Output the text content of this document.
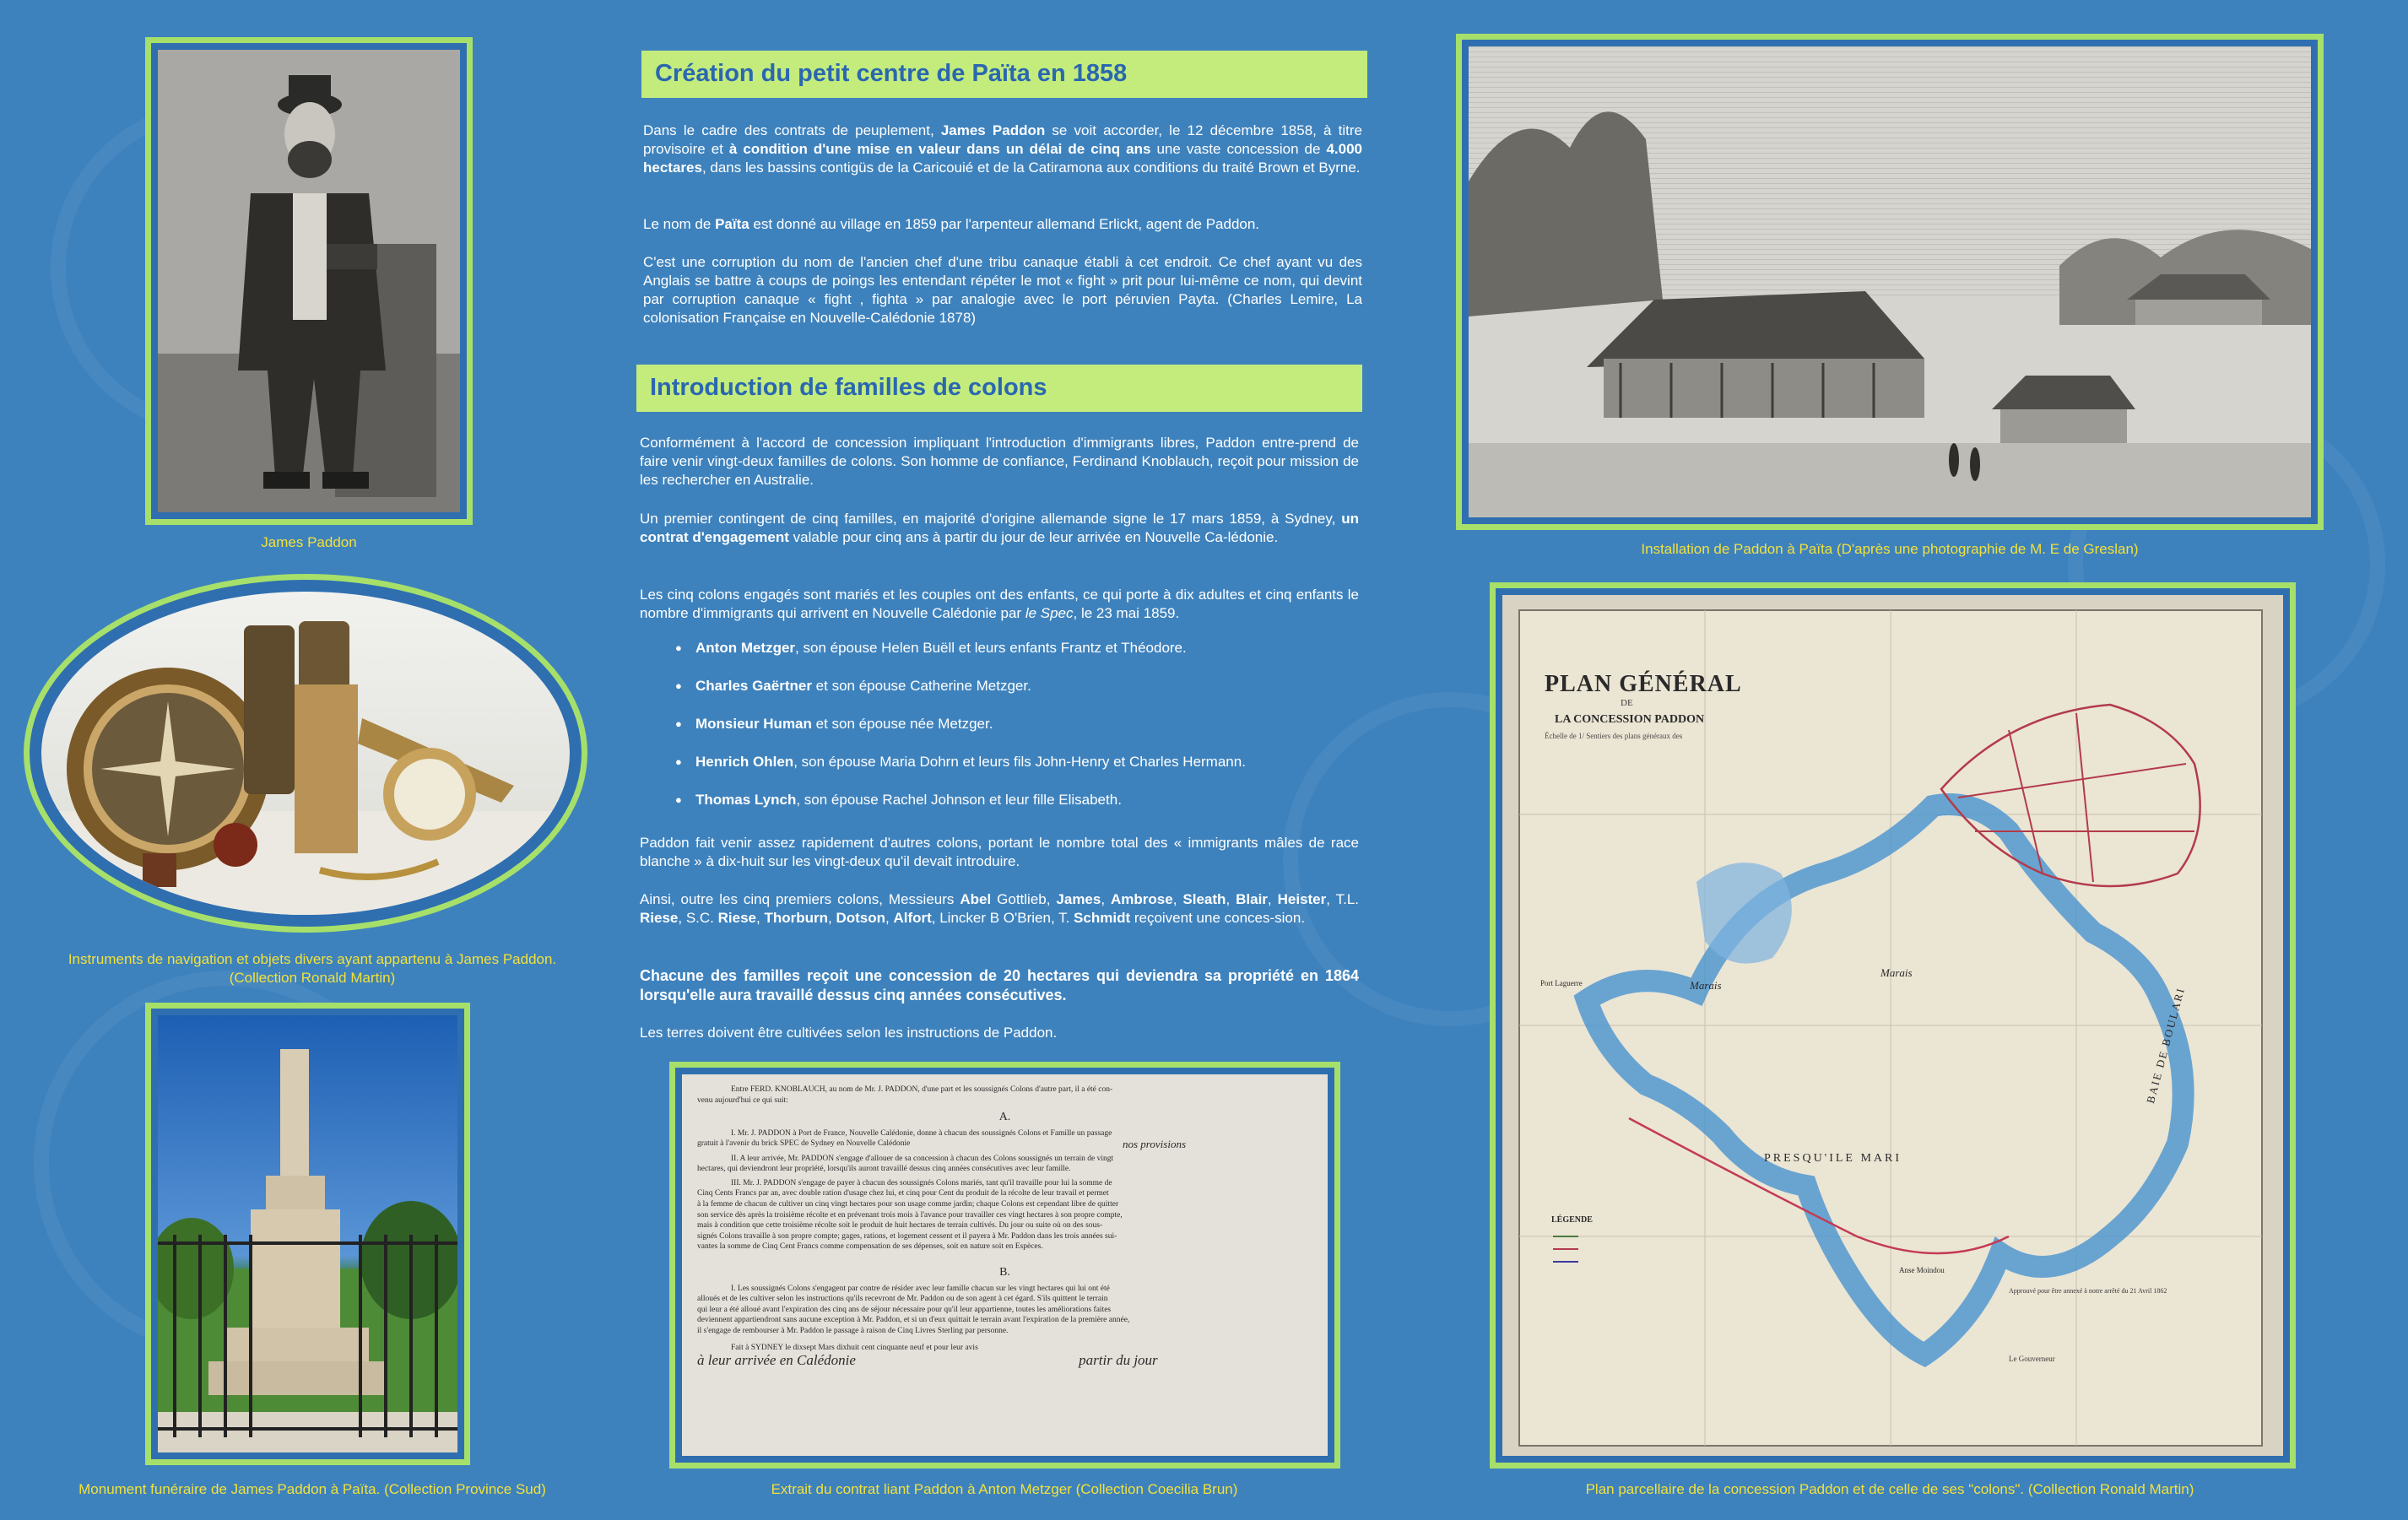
James Paddon
Instruments de navigation et objets divers ayant appartenu à James Paddon.
(Collection Ronald Martin)
Monument funéraire de James Paddon à Païta. (Collection Province Sud)
Création du petit centre de Païta en 1858

Dans le cadre des contrats de peuplement, James Paddon se voit accorder, le 12 décembre 1858, à titre provisoire et à condition d'une mise en valeur dans un délai de cinq ans une vaste concession de 4.000 hectares, dans les bassins contigüs de la Caricouié et de la Catiramona aux conditions du traité Brown et Byrne.

Le nom de Païta est donné au village en 1859 par l'arpenteur allemand Erlickt, agent de Paddon.

C'est une corruption du nom de l'ancien chef d'une tribu canaque établi à cet endroit. Ce chef ayant vu des Anglais se battre à coups de poings les entendant répéter le mot « fight » prit pour lui-même ce nom, qui devint par corruption canaque « fight , fighta » par analogie avec le port péruvien Payta. (Charles Lemire, La colonisation Française en Nouvelle-Calédonie 1878)

Introduction de familles de colons

Conformément à l'accord de concession impliquant l'introduction d'immigrants libres, Paddon entre-prend de faire venir vingt-deux familles de colons. Son homme de confiance, Ferdinand Knoblauch, reçoit pour mission de les rechercher en Australie.

Un premier contingent de cinq familles, en majorité d'origine allemande signe le 17 mars 1859, à Sydney, un contrat d'engagement valable pour cinq ans à partir du jour de leur arrivée en Nouvelle Ca-lédonie.

Les cinq colons engagés sont mariés et les couples ont des enfants, ce qui porte à dix adultes et cinq enfants le nombre d'immigrants qui arrivent en Nouvelle Calédonie par le Spec, le 23 mai 1859.

● Anton Metzger, son épouse Helen Buëll et leurs enfants Frantz et Théodore.
● Charles Gaërtner et son épouse Catherine Metzger.
● Monsieur Human et son épouse née Metzger.
● Henrich Ohlen, son épouse Maria Dohrn et leurs fils John-Henry et Charles Hermann.
● Thomas Lynch, son épouse Rachel Johnson et leur fille Elisabeth.

Paddon fait venir assez rapidement d'autres colons, portant le nombre total des « immigrants mâles de race blanche » à dix-huit sur les vingt-deux qu'il devait introduire.

Ainsi, outre les cinq premiers colons, Messieurs Abel Gottlieb, James, Ambrose, Sleath, Blair, Heister, T.L. Riese, S.C. Riese, Thorburn, Dotson, Alfort, Lincker B O'Brien, T. Schmidt reçoivent une conces-sion.

Chacune des familles reçoit une concession de 20 hectares qui deviendra sa propriété en 1864 lorsqu'elle aura travaillé dessus cinq années consécutives.

Les terres doivent être cultivées selon les instructions de Paddon.

Entre FERD. KNOBLAUCH, au nom de Mr. J. PADDON, d'une part et les soussignés Colons d'autre part, il a été con-
venu aujourd'hui ce qui suit:
A.
I. Mr. J. PADDON à Port de France, Nouvelle Calédonie, donne à chacun des soussignés Colons et Famille un passage
gratuit à l'avenir du brick SPEC de Sydney en Nouvelle Calédonie	nos provisions
II. A leur arrivée, Mr. PADDON s'engage d'allouer de sa concession à chacun des Colons soussignés un terrain de vingt
hectares, qui deviendront leur propriété, lorsqu'ils auront travaillé dessus cinq années consécutives avec leur famille.
III. Mr. J. PADDON s'engage de payer à chacun des soussignés Colons mariés, tant qu'il travaille pour lui la somme de
Cinq Cents Francs par an, avec double ration d'usage chez lui, et cinq pour Cent du produit de la récolte de leur travail et permet
à la femme de chacun de cultiver un cinq vingt hectares pour son usage comme jardin; chaque Colons est cependant libre de quitter
son service dès après la troisième récolte et en prévenant trois mois à l'avance pour travailler ces vingt hectares à son propre compte,
mais à condition que cette troisième récolte soit le produit de huit hectares de terrain cultivés. Du jour ou suite où on des sous-
signés Colons travaille à son propre compte; gages, rations, et logement cessent et il payera à Mr. Paddon dans les trois années sui-
vantes la somme de Cinq Cent Francs comme compensation de ses dépenses, soit en nature soit en Espèces.
B.
I. Les soussignés Colons s'engagent par contre de résider avec leur famille chacun sur les vingt hectares qui lui ont été
alloués et de les cultiver selon les instructions qu'ils recevront de Mr. Paddon ou de son agent à cet égard. S'ils quittent le terrain
qui leur a été alloué avant l'expiration des cinq ans de séjour nécessaire pour qu'il leur appartienne, toutes les améliorations faites
deviennent appartiendront sans aucune exception à Mr. Paddon, et si un d'eux quittait le terrain avant l'expiration de la première année,
il s'engage de rembourser à Mr. Paddon le passage à raison de Cinq Livres Sterling par personne.
Fait à SYDNEY le dixsept Mars dixhuit cent cinquante neuf et pour leur avis
à leur arrivée en Calédonie	partir du jour
Extrait du contrat liant Paddon à Anton Metzger (Collection Coecilia Brun)
Installation de Paddon à Païta (D'après une photographie de M. E de Greslan)
PLAN GÉNÉRAL
DE
LA CONCESSION PADDON
Échelle de 1/ Sentiers des plans généraux des
Marais
Marais
Port Laguerre
PRESQU'ILE MARI
BAIE DE BOULARI
LÉGENDE
Anse Moindou
Approuvé pour être annexé à notre arrêté du 21 Avril 1862
Le Gouverneur
Plan parcellaire de la concession Paddon et de celle de ses "colons". (Collection Ronald Martin)
